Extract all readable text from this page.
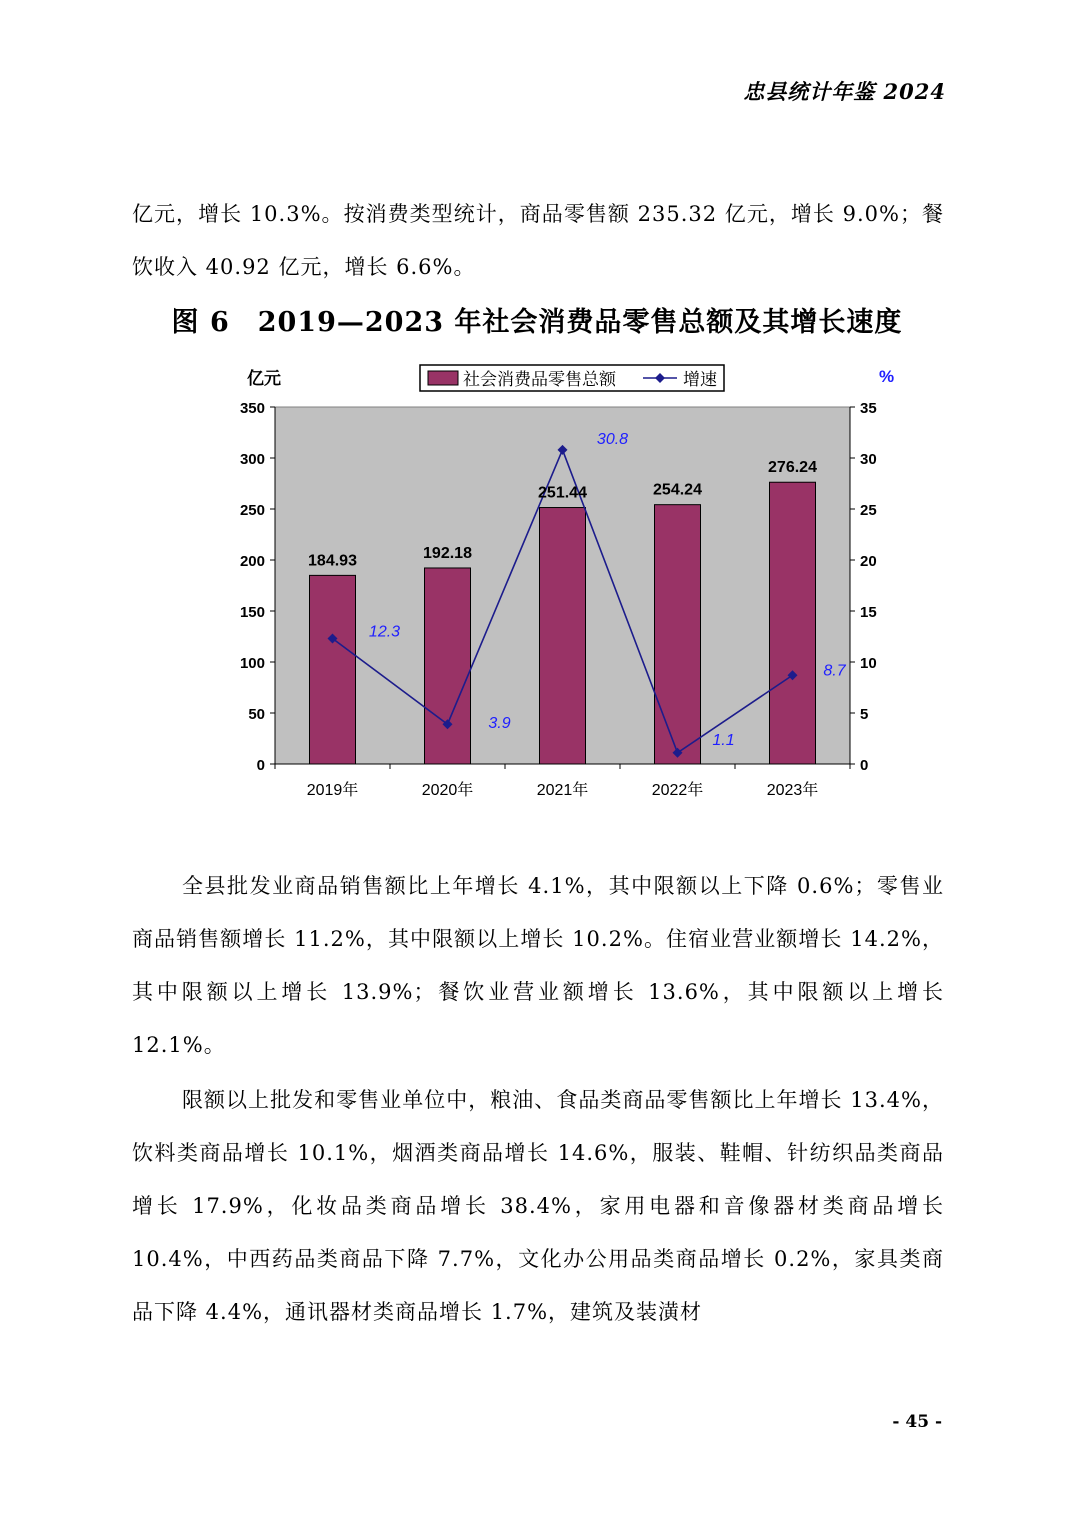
忠县统计年鉴 2024
亿元，增长 10.3%。按消费类型统计，商品零售额 235.32 亿元，增长 9.0%；餐饮收入 40.92 亿元，增长 6.6%。
图 6　2019—2023 年社会消费品零售总额及其增长速度
0
50
100
150
200
250
300
350
0
5
10
15
20
25
30
35
2019年	2020年	2021年	2022年	2023年
亿元	%
184.93	192.18
251.44	254.24
276.24
12.3
3.9
30.8
1.1
8.7
社会消费品零售总额	增速
全县批发业商品销售额比上年增长 4.1%，其中限额以上下降 0.6%；零售业商品销售额增长 11.2%，其中限额以上增长 10.2%。住宿业营业额增长 14.2%，其中限额以上增长 13.9%；餐饮业营业额增长 13.6%，其中限额以上增长 12.1%。
限额以上批发和零售业单位中，粮油、食品类商品零售额比上年增长 13.4%，饮料类商品增长 10.1%，烟酒类商品增长 14.6%，服装、鞋帽、针纺织品类商品增长 17.9%，化妆品类商品增长 38.4%，家用电器和音像器材类商品增长 10.4%，中西药品类商品下降 7.7%，文化办公用品类商品增长 0.2%，家具类商品下降 4.4%，通讯器材类商品增长 1.7%，建筑及装潢材
- 45 -
